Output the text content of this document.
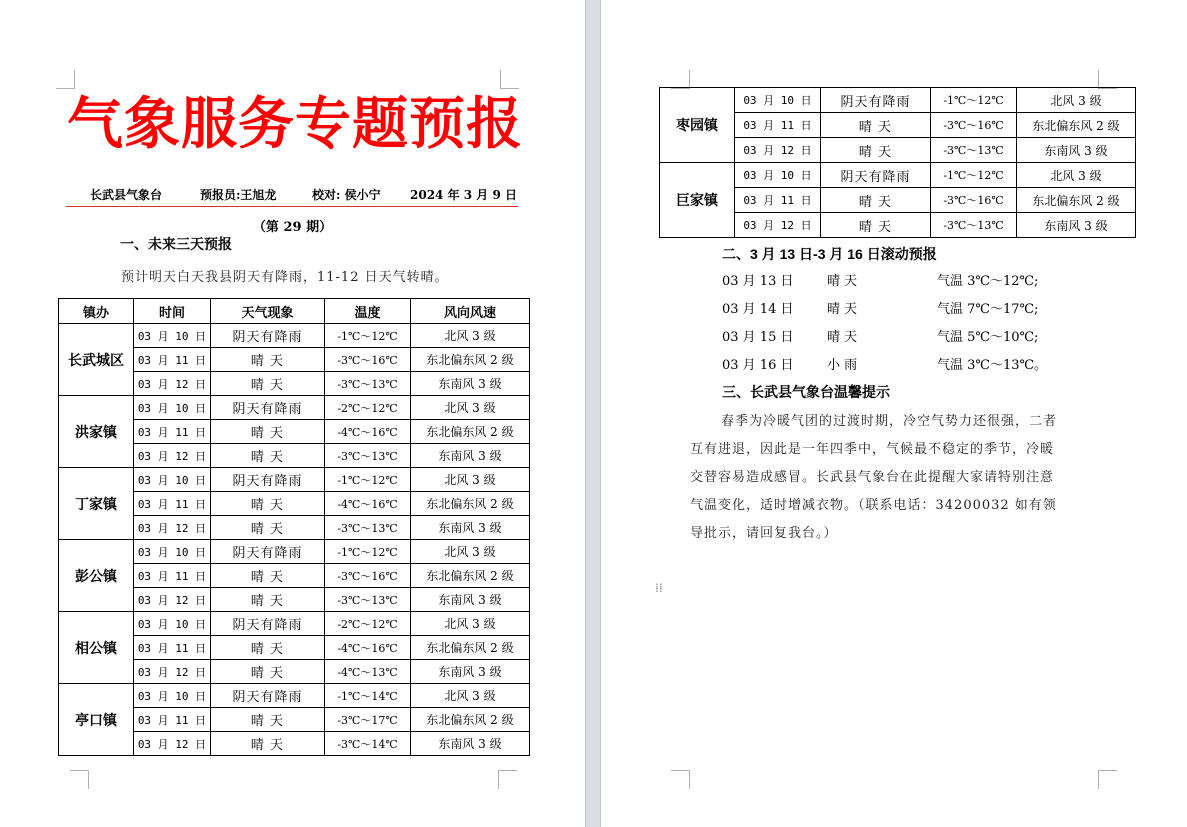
气象服务专题预报
长武县气象台	预报员:王旭龙	校对: 侯小宁 2024 年 3 月 9 日
（第 29 期）
一、未来三天预报
预计明天白天我县阴天有降雨，11-12 日天气转晴。
镇办	时间	天气现象	温度	风向风速
长武城区	03 月 10 日	阴天有降雨	-1℃～12℃	北风 3 级
	03 月 11 日	晴 天	-3℃～16℃	东北偏东风 2 级
	03 月 12 日	晴 天	-3℃～13℃	东南风 3 级
洪家镇	03 月 10 日	阴天有降雨	-2℃～12℃	北风 3 级
	03 月 11 日	晴 天	-4℃～16℃	东北偏东风 2 级
	03 月 12 日	晴 天	-3℃～13℃	东南风 3 级
丁家镇	03 月 10 日	阴天有降雨	-1℃～12℃	北风 3 级
	03 月 11 日	晴 天	-4℃～16℃	东北偏东风 2 级
	03 月 12 日	晴 天	-3℃～13℃	东南风 3 级
彭公镇	03 月 10 日	阴天有降雨	-1℃～12℃	北风 3 级
	03 月 11 日	晴 天	-3℃～16℃	东北偏东风 2 级
	03 月 12 日	晴 天	-3℃～13℃	东南风 3 级
相公镇	03 月 10 日	阴天有降雨	-2℃～12℃	北风 3 级
	03 月 11 日	晴 天	-4℃～16℃	东北偏东风 2 级
	03 月 12 日	晴 天	-4℃～13℃	东南风 3 级
亭口镇	03 月 10 日	阴天有降雨	-1℃～14℃	北风 3 级
	03 月 11 日	晴 天	-3℃～17℃	东北偏东风 2 级
	03 月 12 日	晴 天	-3℃～14℃	东南风 3 级
枣园镇	03 月 10 日	阴天有降雨	-1℃～12℃	北风 3 级
	03 月 11 日	晴 天	-3℃～16℃	东北偏东风 2 级
	03 月 12 日	晴 天	-3℃～13℃	东南风 3 级
巨家镇	03 月 10 日	阴天有降雨	-1℃～12℃	北风 3 级
	03 月 11 日	晴 天	-3℃～16℃	东北偏东风 2 级
	03 月 12 日	晴 天	-3℃～13℃	东南风 3 级
二、3 月 13 日-3 月 16 日滚动预报
03 月 13 日	晴 天	气温 3℃～12℃;
03 月 14 日	晴 天	气温 7℃～17℃;
03 月 15 日	晴 天	气温 5℃～10℃;
03 月 16 日	小 雨	气温 3℃～13℃。
三、长武县气象台温馨提示
春季为冷暖气团的过渡时期，冷空气势力还很强，二者
互有进退，因此是一年四季中，气候最不稳定的季节，冷暖
交替容易造成感冒。长武县气象台在此提醒大家请特别注意
气温变化，适时增减衣物。（联系电话：34200032 如有领
导批示，请回复我台。）
⁞⁞
